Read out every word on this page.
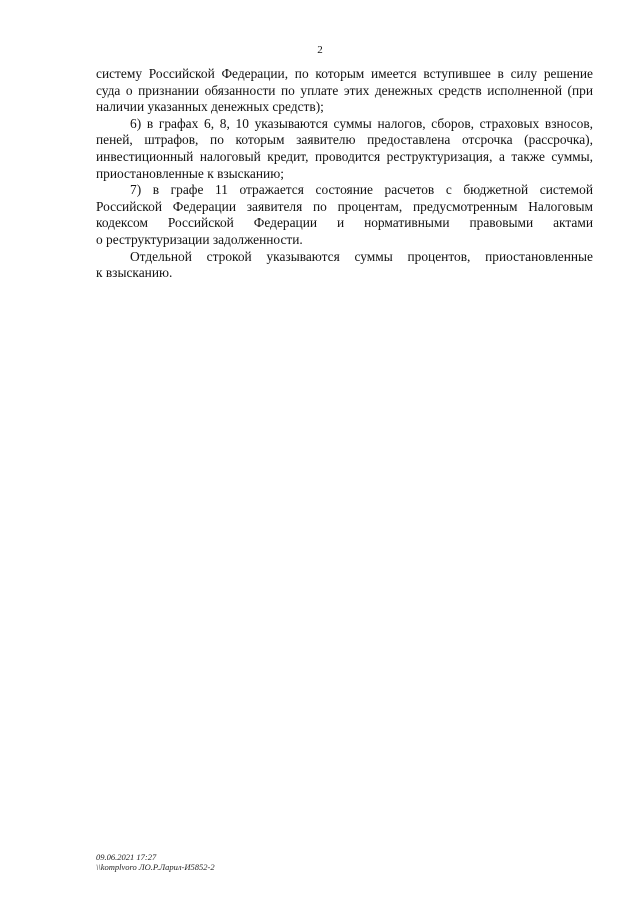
2

системy Российской Федерации, по которым имеется вступившее в силу решение
суда о признании обязанности по уплате этих денежных средств исполненной (при
наличии указанных денежных средств);

6) в графах 6, 8, 10 указываются суммы налогов, сборов, страховых взносов,
пеней, штрафов, по которым заявителю предоставлена отсрочка (рассрочка),
инвестиционный налоговый кредит, проводится реструктуризация, а также суммы,
приостановленные к взысканию;

7) в графе 11 отражается состояние расчетов с бюджетной системой
Российской Федерации заявителя по процентам, предусмотренным Налоговым
кодексом Российской Федерации и нормативными правовыми актами
о реструктуризации задолженности.

Отдельной строкой указываются суммы процентов, приостановленные
к взысканию.

09.06.2021 17:27
\\komplvoro ЛО.Р.Ларил-И5852-2
